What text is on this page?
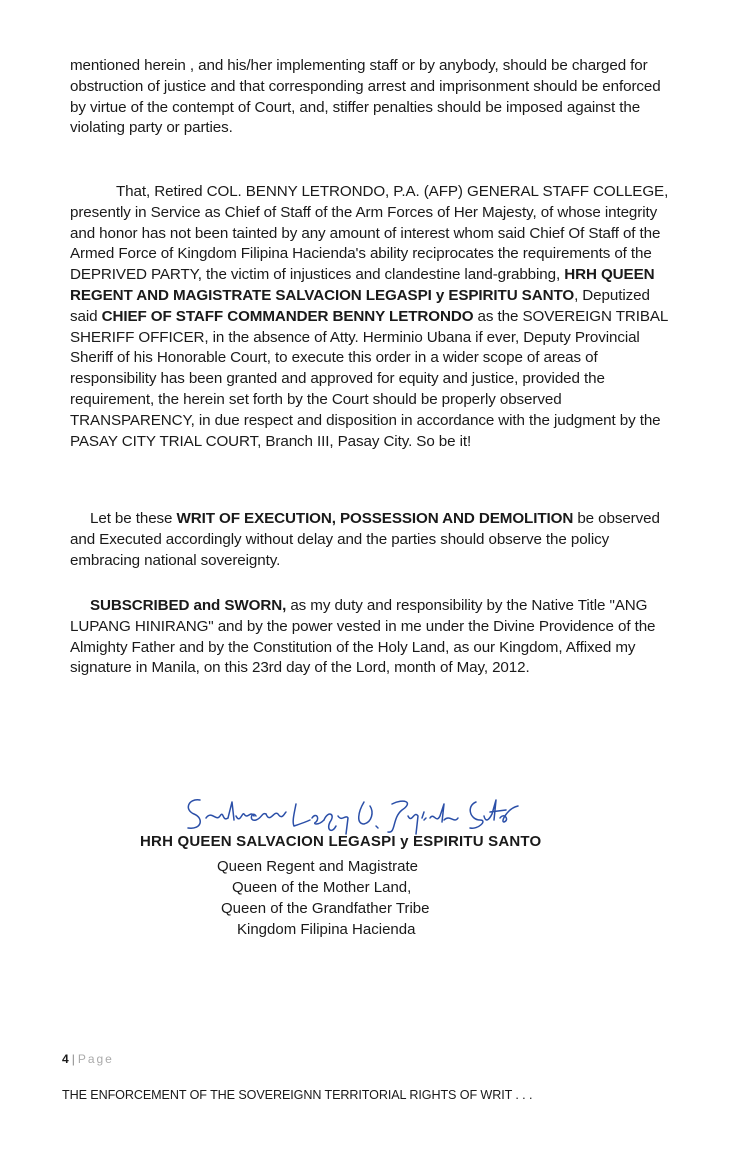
mentioned herein , and his/her implementing staff or by anybody, should be charged for obstruction of justice and that corresponding arrest and imprisonment should be enforced by virtue of the contempt of Court, and, stiffer penalties should be imposed against the violating party or parties.

That, Retired COL. BENNY LETRONDO, P.A. (AFP) GENERAL STAFF COLLEGE, presently in Service as Chief of Staff of the Arm Forces of Her Majesty, of whose integrity and honor has not been tainted by any amount of interest whom said Chief Of Staff of the Armed Force of Kingdom Filipina Hacienda's ability reciprocates the requirements of the DEPRIVED PARTY, the victim of injustices and clandestine land-grabbing, HRH QUEEN REGENT AND MAGISTRATE SALVACION LEGASPI y ESPIRITU SANTO, Deputized said CHIEF OF STAFF COMMANDER BENNY LETRONDO as the SOVEREIGN TRIBAL SHERIFF OFFICER, in the absence of Atty. Herminio Ubana if ever, Deputy Provincial Sheriff of his Honorable Court, to execute this order in a wider scope of areas of responsibility has been granted and approved for equity and justice, provided the requirement, the herein set forth by the Court should be properly observed TRANSPARENCY, in due respect and disposition in accordance with the judgment by the PASAY CITY TRIAL COURT, Branch III, Pasay City. So be it!

Let be these WRIT OF EXECUTION, POSSESSION AND DEMOLITION be observed and Executed accordingly without delay and the parties should observe the policy embracing national sovereignty.

SUBSCRIBED and SWORN, as my duty and responsibility by the Native Title "ANG LUPANG HINIRANG" and by the power vested in me under the Divine Providence of the Almighty Father and by the Constitution of the Holy Land, as our Kingdom, Affixed my signature in Manila, on this 23rd day of the Lord, month of May, 2012.

HRH QUEEN SALVACION LEGASPI y ESPIRITU SANTO
Queen Regent and Magistrate
Queen of the Mother Land,
Queen of the Grandfather Tribe
Kingdom Filipina Hacienda
4 | Page
THE ENFORCEMENT OF THE SOVEREIGNN TERRITORIAL RIGHTS OF WRIT . . .
